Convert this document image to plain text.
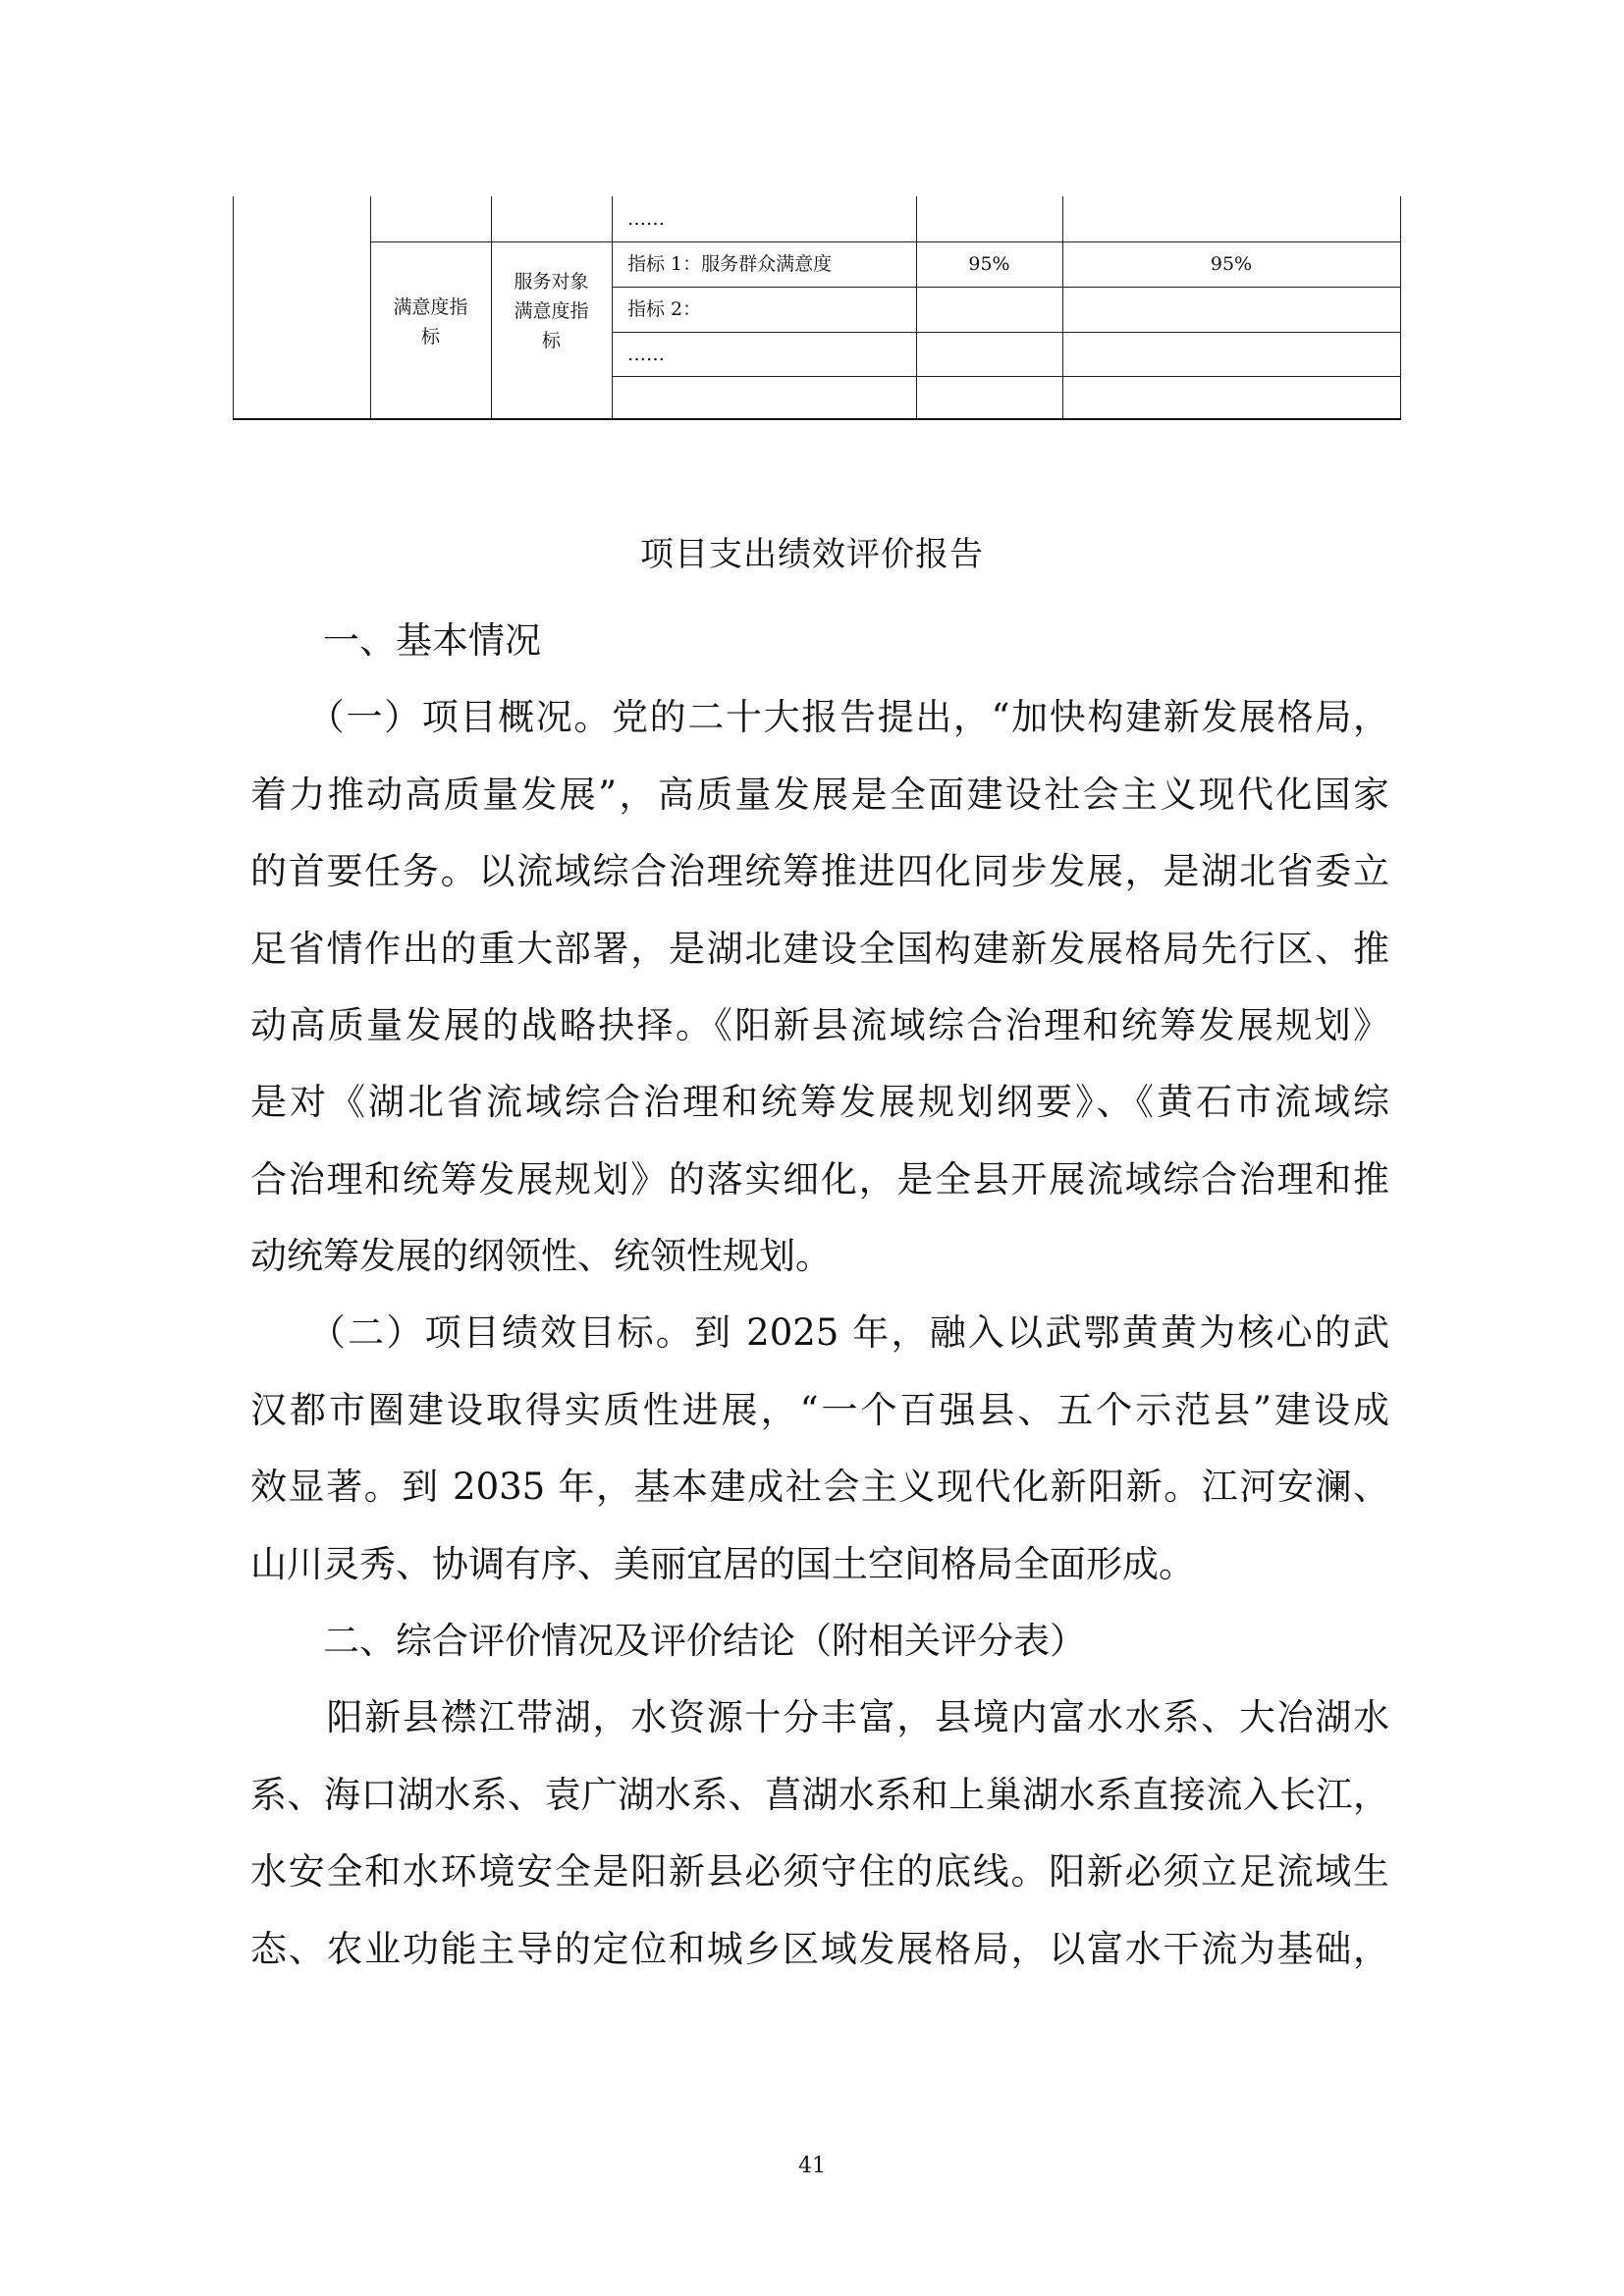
……
满意度指
标
服务对象
满意度指
标
指标 1：服务群众满意度	95%	95%
指标 2：
……
项目支出绩效评价报告
　　一、基本情况
　　（一）项目概况。党的二十大报告提出，“加快构建新发展格局，
着力推动高质量发展”，高质量发展是全面建设社会主义现代化国家
的首要任务。以流域综合治理统筹推进四化同步发展，是湖北省委立
足省情作出的重大部署，是湖北建设全国构建新发展格局先行区、推
动高质量发展的战略抉择。《阳新县流域综合治理和统筹发展规划》
是对《湖北省流域综合治理和统筹发展规划纲要》、《黄石市流域综
合治理和统筹发展规划》的落实细化，是全县开展流域综合治理和推
动统筹发展的纲领性、统领性规划。
　　（二）项目绩效目标。到 2025 年，融入以武鄂黄黄为核心的武
汉都市圈建设取得实质性进展，“一个百强县、五个示范县”建设成
效显著。到 2035 年，基本建成社会主义现代化新阳新。江河安澜、
山川灵秀、协调有序、美丽宜居的国土空间格局全面形成。
　　二、综合评价情况及评价结论（附相关评分表）
　　阳新县襟江带湖，水资源十分丰富，县境内富水水系、大冶湖水
系、海口湖水系、袁广湖水系、菖湖水系和上巢湖水系直接流入长江，
水安全和水环境安全是阳新县必须守住的底线。阳新必须立足流域生
态、农业功能主导的定位和城乡区域发展格局，以富水干流为基础，
41
